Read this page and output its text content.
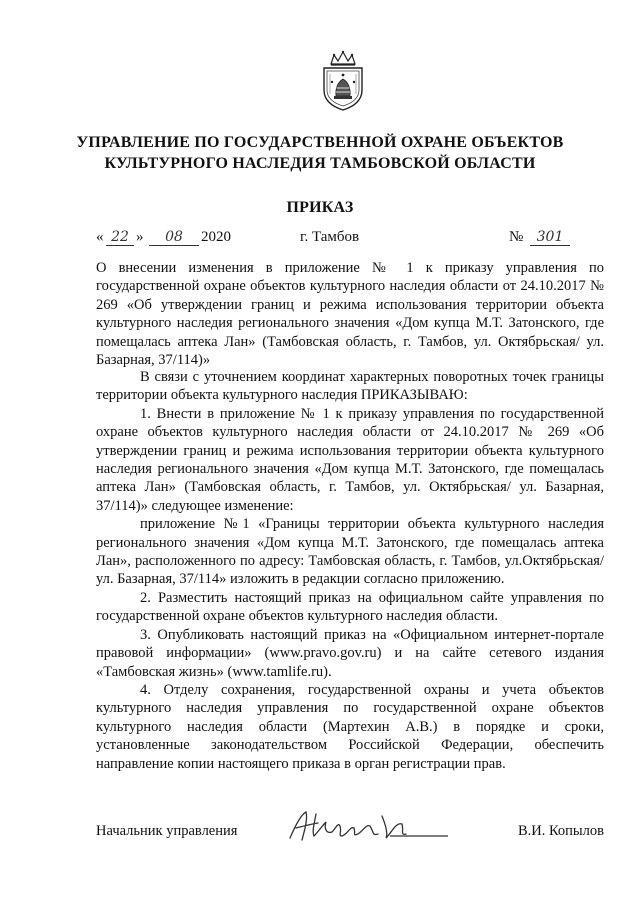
УПРАВЛЕНИЕ ПО ГОСУДАРСТВЕННОЙ ОХРАНЕ ОБЪЕКТОВ
КУЛЬТУРНОГО НАСЛЕДИЯ ТАМБОВСКОЙ ОБЛАСТИ
ПРИКАЗ
« 22 »	08	2020	г. Тамбов	№ 301
О внесении изменения в приложение № 1 к приказу управления по государственной охране объектов культурного наследия области от 24.10.2017 № 269 «Об утверждении границ и режима использования территории объекта культурного наследия регионального значения «Дом купца М.Т. Затонского, где помещалась аптека Лан» (Тамбовская область, г. Тамбов, ул. Октябрьская/ ул. Базарная, 37/114)»

В связи с уточнением координат характерных поворотных точек границы территории объекта культурного наследия ПРИКАЗЫВАЮ:

1. Внести в приложение № 1 к приказу управления по государственной охране объектов культурного наследия области от 24.10.2017 № 269 «Об утверждении границ и режима использования территории объекта культурного наследия регионального значения «Дом купца М.Т. Затонского, где помещалась аптека Лан» (Тамбовская область, г. Тамбов, ул. Октябрьская/ ул. Базарная, 37/114)» следующее изменение:

приложение №1 «Границы территории объекта культурного наследия регионального значения «Дом купца М.Т. Затонского, где помещалась аптека Лан», расположенного по адресу: Тамбовская область, г. Тамбов, ул.Октябрьская/ ул. Базарная, 37/114» изложить в редакции согласно приложению.

2. Разместить настоящий приказ на официальном сайте управления по государственной охране объектов культурного наследия области.

3. Опубликовать настоящий приказ на «Официальном интернет-портале правовой информации» (www.pravo.gov.ru) и на сайте сетевого издания «Тамбовская жизнь» (www.tamlife.ru).

4. Отделу сохранения, государственной охраны и учета объектов культурного наследия управления по государственной охране объектов культурного наследия области (Мартехин А.В.) в порядке и сроки, установленные законодательством Российской Федерации, обеспечить направление копии настоящего приказа в орган регистрации прав.

Начальник управления	В.И. Копылов
